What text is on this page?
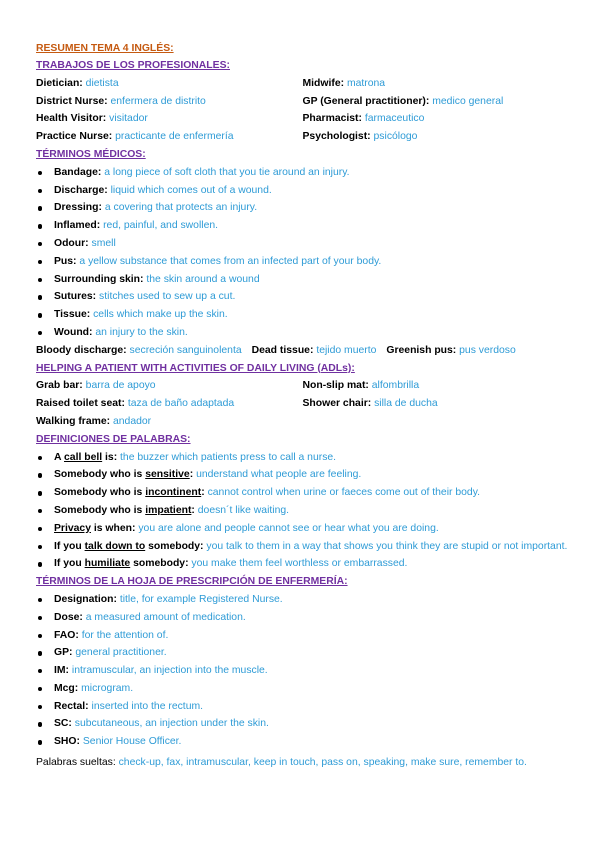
RESUMEN TEMA 4 INGLÉS:
TRABAJOS DE LOS PROFESIONALES:
Dietician: dietista	Midwife: matrona
District Nurse: enfermera de distrito	GP (General practitioner): medico general
Health Visitor: visitador	Pharmacist: farmaceutico
Practice Nurse: practicante de enfermería	Psychologist: psicólogo
TÉRMINOS MÉDICOS:
Bandage: a long piece of soft cloth that you tie around an injury.
Discharge: liquid which comes out of a wound.
Dressing: a covering that protects an injury.
Inflamed: red, painful, and swollen.
Odour: smell
Pus: a yellow substance that comes from an infected part of your body.
Surrounding skin: the skin around a wound
Sutures: stitches used to sew up a cut.
Tissue: cells which make up the skin.
Wound: an injury to the skin.
Bloody discharge: secreción sanguinolenta Dead tissue: tejido muerto Greenish pus: pus verdoso
HELPING A PATIENT WITH ACTIVITIES OF DAILY LIVING (ADLs):
Grab bar: barra de apoyo	Non-slip mat: alfombrilla
Raised toilet seat: taza de baño adaptada	Shower chair: silla de ducha
Walking frame: andador
DEFINICIONES DE PALABRAS:
A call bell is: the buzzer which patients press to call a nurse.
Somebody who is sensitive: understand what people are feeling.
Somebody who is incontinent: cannot control when urine or faeces come out of their body.
Somebody who is impatient: doesn´t like waiting.
Privacy is when: you are alone and people cannot see or hear what you are doing.
If you talk down to somebody: you talk to them in a way that shows you think they are stupid or not important.
If you humiliate somebody: you make them feel worthless or embarrassed.
TÉRMINOS DE LA HOJA DE PRESCRIPCIÓN DE ENFERMERÍA:
Designation: title, for example Registered Nurse.
Dose: a measured amount of medication.
FAO: for the attention of.
GP: general practitioner.
IM: intramuscular, an injection into the muscle.
Mcg: microgram.
Rectal: inserted into the rectum.
SC: subcutaneous, an injection under the skin.
SHO: Senior House Officer.
Palabras sueltas: check-up, fax, intramuscular, keep in touch, pass on, speaking, make sure, remember to.
